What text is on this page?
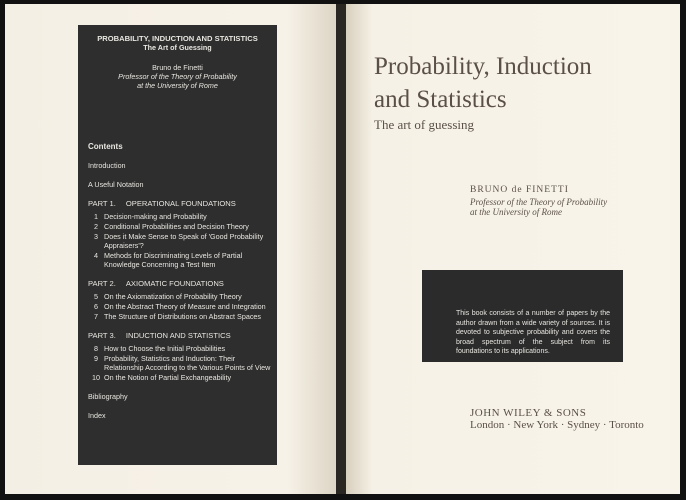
PROBABILITY, INDUCTION AND STATISTICS
The Art of Guessing
Bruno de Finetti
Professor of the Theory of Probability
at the University of Rome
Contents
Introduction
A Useful Notation
PART 1. OPERATIONAL FOUNDATIONS
1 Decision-making and Probability
2 Conditional Probabilities and Decision Theory
3 Does it Make Sense to Speak of 'Good Probability Appraisers'?
4 Methods for Discriminating Levels of Partial Knowledge Concerning a Test Item
PART 2. AXIOMATIC FOUNDATIONS
5 On the Axiomatization of Probability Theory
6 On the Abstract Theory of Measure and Integration
7 The Structure of Distributions on Abstract Spaces
PART 3. INDUCTION AND STATISTICS
8 How to Choose the Initial Probabilities
9 Probability, Statistics and Induction: Their Relationship According to the Various Points of View
10 On the Notion of Partial Exchangeability
Bibliography
Index
Probability, Induction
and Statistics
The art of guessing
BRUNO de FINETTI
Professor of the Theory of Probability
at the University of Rome

This book consists of a number of papers by the author drawn from a wide variety of sources. It is devoted to subjective probability and covers the broad spectrum of the subject from its foundations to its applications.

JOHN WILEY & SONS
London · New York · Sydney · Toronto
